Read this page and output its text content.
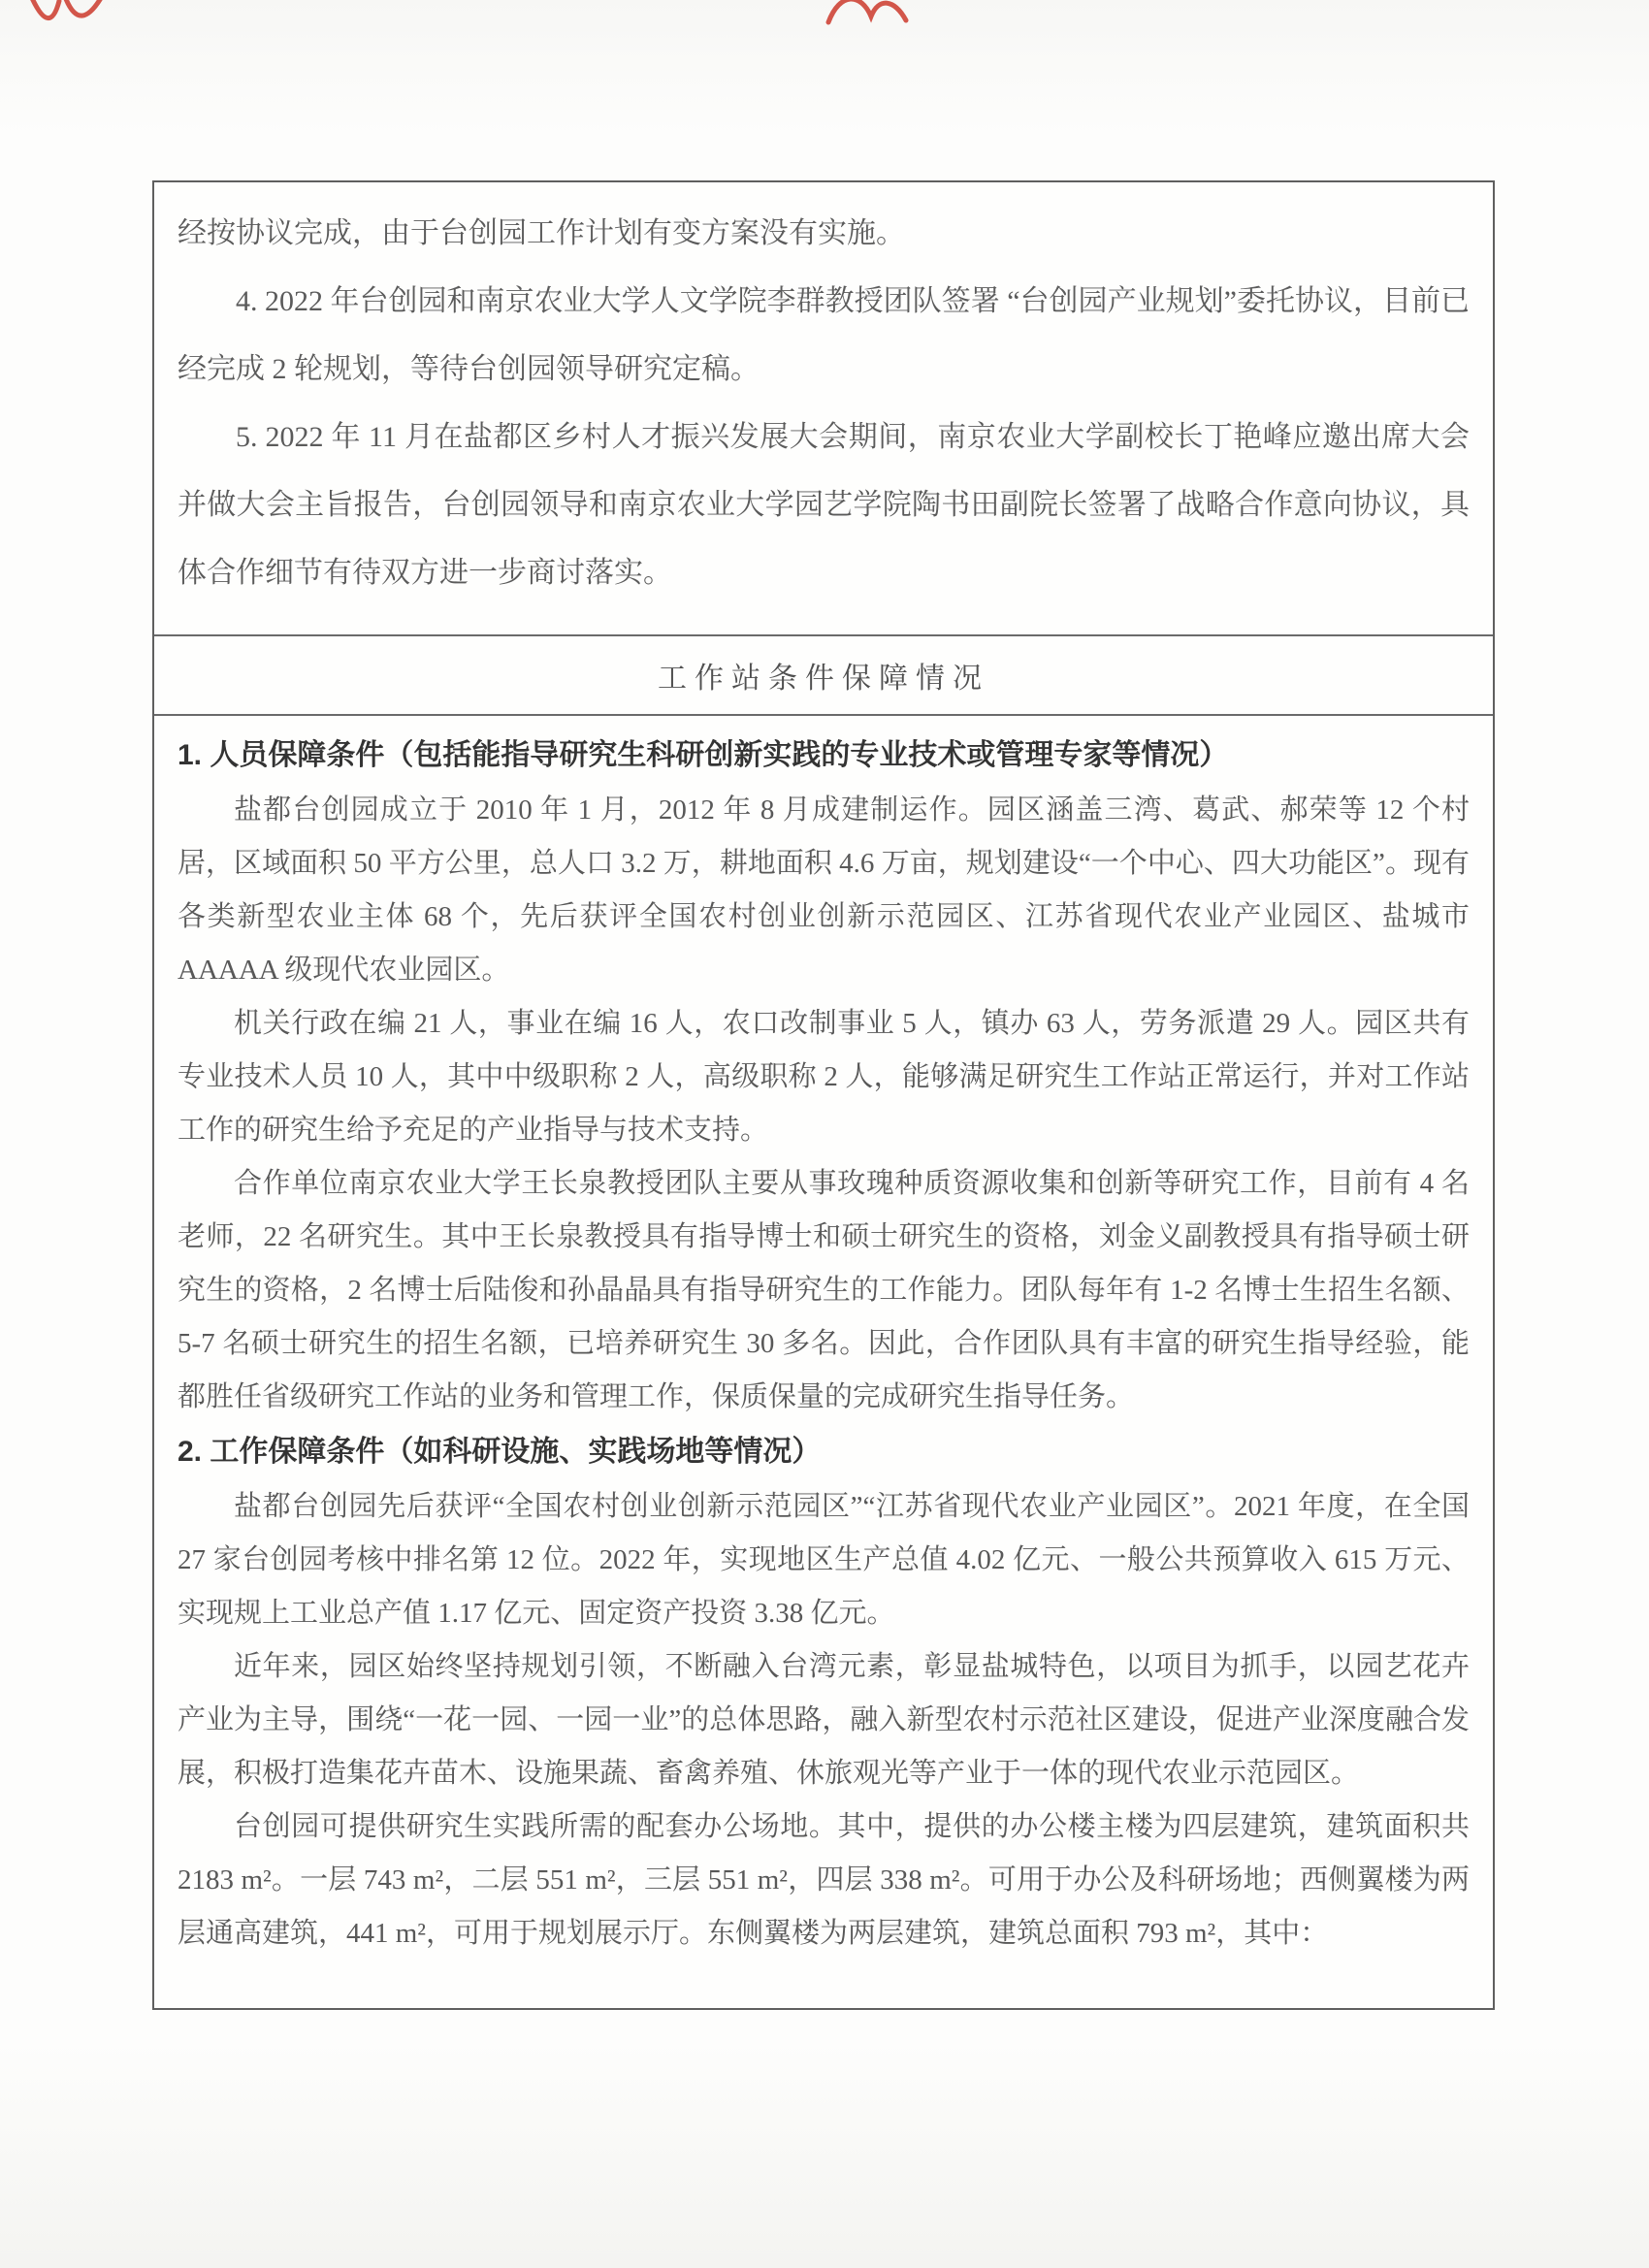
经按协议完成，由于台创园工作计划有变方案没有实施。

4. 2022 年台创园和南京农业大学人文学院李群教授团队签署 “台创园产业规划”委托协议，目前已经完成 2 轮规划，等待台创园领导研究定稿。

5. 2022 年 11 月在盐都区乡村人才振兴发展大会期间，南京农业大学副校长丁艳峰应邀出席大会并做大会主旨报告，台创园领导和南京农业大学园艺学院陶书田副院长签署了战略合作意向协议，具体合作细节有待双方进一步商讨落实。

工作站条件保障情况
1. 人员保障条件（包括能指导研究生科研创新实践的专业技术或管理专家等情况）

盐都台创园成立于 2010 年 1 月，2012 年 8 月成建制运作。园区涵盖三湾、葛武、郝荣等 12 个村居，区域面积 50 平方公里，总人口 3.2 万，耕地面积 4.6 万亩，规划建设“一个中心、四大功能区”。现有各类新型农业主体 68 个，先后获评全国农村创业创新示范园区、江苏省现代农业产业园区、盐城市 AAAAA 级现代农业园区。

机关行政在编 21 人，事业在编 16 人，农口改制事业 5 人，镇办 63 人，劳务派遣 29 人。园区共有专业技术人员 10 人，其中中级职称 2 人，高级职称 2 人，能够满足研究生工作站正常运行，并对工作站工作的研究生给予充足的产业指导与技术支持。

合作单位南京农业大学王长泉教授团队主要从事玫瑰种质资源收集和创新等研究工作，目前有 4 名老师，22 名研究生。其中王长泉教授具有指导博士和硕士研究生的资格，刘金义副教授具有指导硕士研究生的资格，2 名博士后陆俊和孙晶晶具有指导研究生的工作能力。团队每年有 1-2 名博士生招生名额、5-7 名硕士研究生的招生名额，已培养研究生 30 多名。因此，合作团队具有丰富的研究生指导经验，能都胜任省级研究工作站的业务和管理工作，保质保量的完成研究生指导任务。

2. 工作保障条件（如科研设施、实践场地等情况）

盐都台创园先后获评“全国农村创业创新示范园区”“江苏省现代农业产业园区”。2021 年度，在全国 27 家台创园考核中排名第 12 位。2022 年，实现地区生产总值 4.02 亿元、一般公共预算收入 615 万元、实现规上工业总产值 1.17 亿元、固定资产投资 3.38 亿元。

近年来，园区始终坚持规划引领，不断融入台湾元素，彰显盐城特色，以项目为抓手，以园艺花卉产业为主导，围绕“一花一园、一园一业”的总体思路，融入新型农村示范社区建设，促进产业深度融合发展，积极打造集花卉苗木、设施果蔬、畜禽养殖、休旅观光等产业于一体的现代农业示范园区。

台创园可提供研究生实践所需的配套办公场地。其中，提供的办公楼主楼为四层建筑，建筑面积共 2183 m²。一层 743 m²，二层 551 m²，三层 551 m²，四层 338 m²。可用于办公及科研场地；西侧翼楼为两层通高建筑，441 m²，可用于规划展示厅。东侧翼楼为两层建筑，建筑总面积 793 m²，其中：
